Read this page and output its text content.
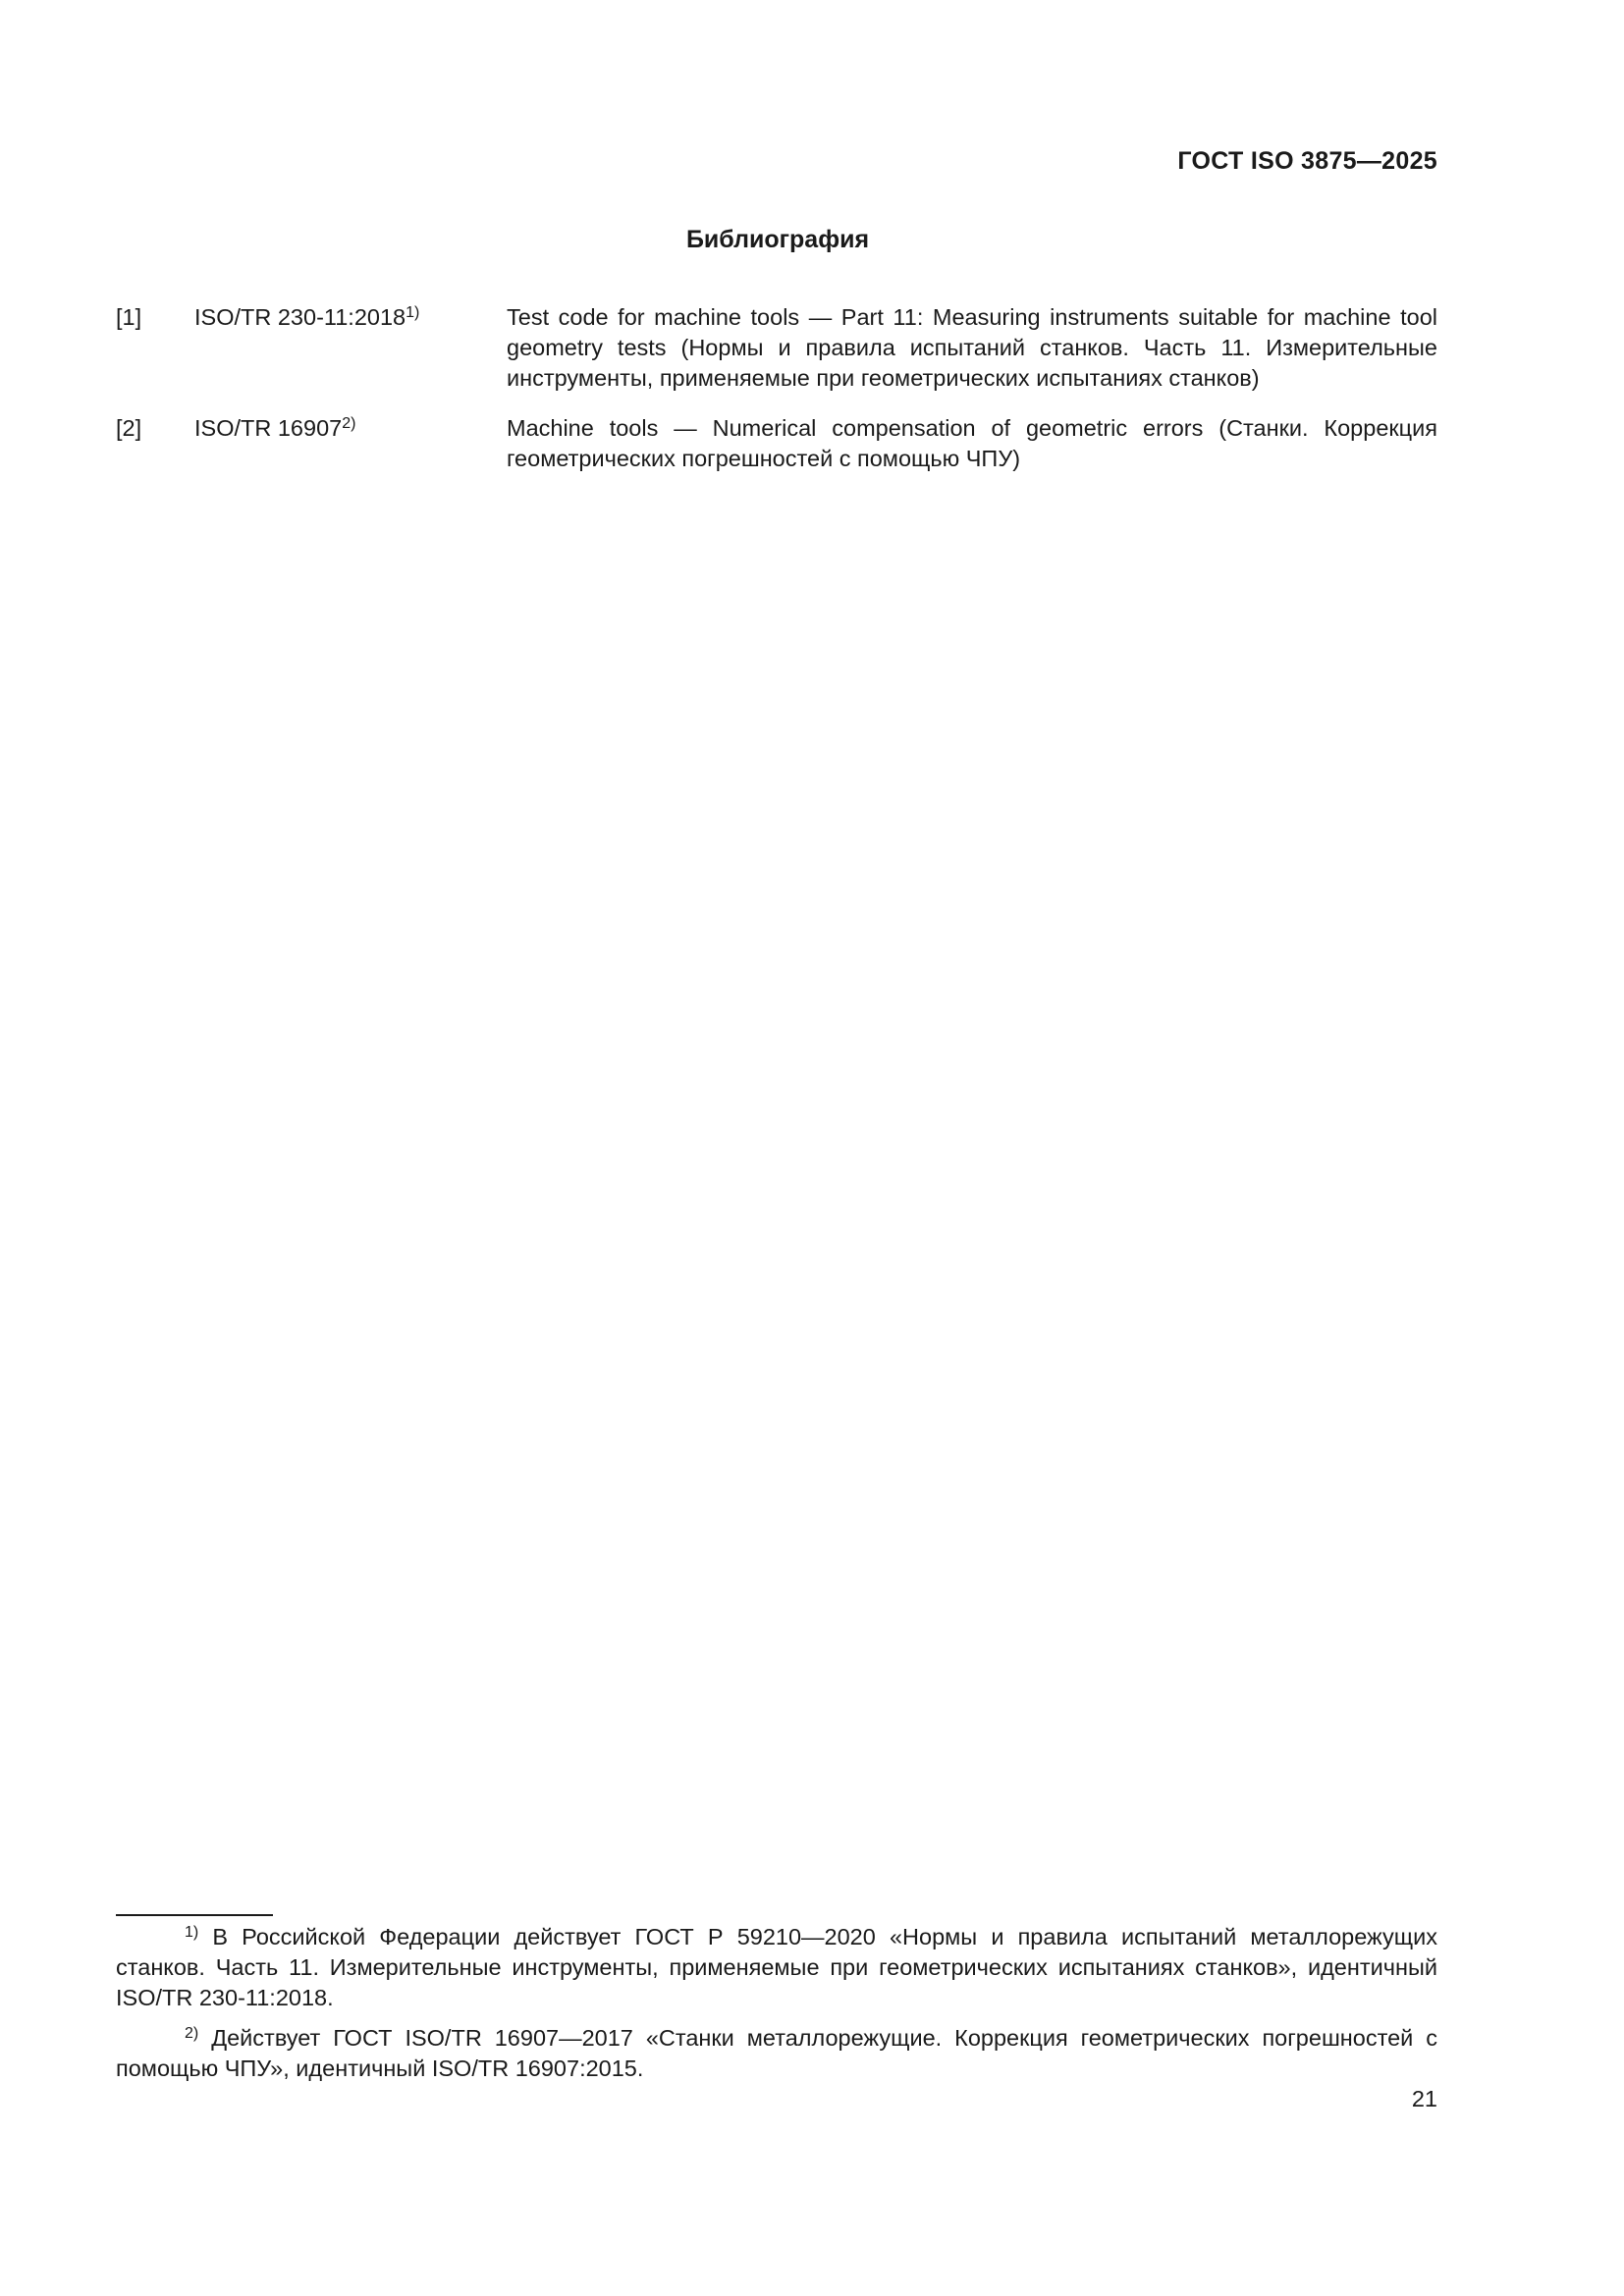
ГОСТ ISO 3875—2025
Библиография
[1] ISO/TR 230-11:2018$^{1)}$	Test code for machine tools — Part 11: Measuring instruments suitable for machine tool geometry tests (Нормы и правила испытаний станков. Часть 11. Измерительные инструменты, применяемые при геометрических испытаниях станков)
[2] ISO/TR 16907$^{2)}$	Machine tools — Numerical compensation of geometric errors (Станки. Коррекция геометрических погрешностей с помощью ЧПУ)
$^{1)}$ В Российской Федерации действует ГОСТ Р 59210—2020 «Нормы и правила испытаний металлорежущих станков. Часть 11. Измерительные инструменты, применяемые при геометрических испытаниях станков», идентичный ISO/TR 230-11:2018.
$^{2)}$ Действует ГОСТ ISO/TR 16907—2017 «Станки металлорежущие. Коррекция геометрических погрешностей с помощью ЧПУ», идентичный ISO/TR 16907:2015.
21
